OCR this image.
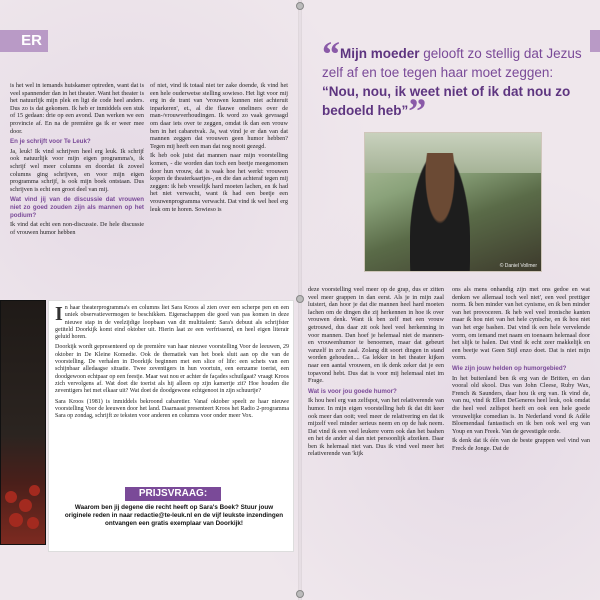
ER

is het wel in iemands huiskamer optreden, want dat is veel spannender dan in het theater. Want het theater is het natuurlijk mijn plek en ligt de code heel anders. Dus zo is dat gekomen. Ik heb er inmiddels een stuk of 15 gedaan: drie op een avond. Dan werken we een provincie af. En na de première ga ik er weer mee door.

En je schrijft voor Te Leuk?

Ja, leuk! Ik vind schrijven heel erg leuk. Ik schrijf ook natuurlijk voor mijn eigen programma's, ik schrijf wel meer columns en doordat ik zoveel columns ging schrijven, en voor mijn eigen programma schrijf, is ook mijn boek ontstaan. Dus schrijven is echt een groot deel van mij.

Wat vind jij van de discussie dat vrouwen niet zo goed zouden zijn als mannen op het podium?

Ik vind dat echt een non-discussie. De hele discussie of vrouwen humor hebben

of niet, vind ik totaal niet ter zake doende, ik vind het een hele ouderwetse stelling sowieso. Het ligt voor mij erg in de trant van 'vrouwen kunnen niet achteruit inparkeren', et., al die flauwe oneliners over de man-/vrouwverhoudingen. Ik word zo vaak gevraagd om daar iets over te zeggen, omdat ik dan een vrouw ben in het cabaretvak. Ja, wat vind je er dan van dat mannen zeggen dat vrouwen geen humor hebben? Tegen mij heeft een man dat nog nooit gezegd.

Ik heb ook juist dat mannen naar mijn voorstelling komen, - die worden dan toch een beetje meegenomen door hun vrouw, dat is vaak hoe het werkt: vrouwen kopen de theaterkaartjes-, en die dan achteraf tegen mij zeggen: ik heb vreselijk hard moeten lachen, en ik had het niet verwacht, want ik had een beetje een vrouwenprogramma verwacht. Dat vind ik wel heel erg leuk om te horen. Sowieso is

“Mijn moeder gelooft zo stellig dat Jezus zelf af en toe tegen haar moet zeggen: “Nou, nou, ik weet niet of ik dat nou zo bedoeld heb””
© Daniel Vollmer

deze voorstelling veel meer op de grap, dus er zitten veel meer grappen in dan eerst. Als je in mijn zaal luistert, dan hoor je dat die mannen heel hard moeten lachen om de dingen die zij herkennen in hoe ik over vrouwen denk. Want ik ben zelf met een vrouw getrouwd, dus daar zit ook heel veel herkenning in voor mannen. Dan hoef je helemaal niet de mannen- en vrouwenhumor te benoemen, maar dat gebeurt vanzelf in zo'n zaal. Zolang dit soort dingen in stand worden gehouden.... Ga lekker in het theater kijken naar een aantal vrouwen, en ik denk zeker dat je een topavond hebt. Dus dat is voor mij helemaal niet im Frage.

Wat is voor jou goede humor?

Ik hou heel erg van zelfspot, van het relativerende van humor. In mijn eigen voorstelling heb ik dat dit keer ook meer dan ooit; veel meer de relativering en dat ik mijzelf veel minder serieus neem en op de hak neem. Dat vind ik een veel leukere vorm ook dan het bashen en het de ander al dan niet persoonlijk afzeiken. Daar ben ik helemaal niet van. Dus ik vind veel meer het relativerende van 'kijk

ons als mens onhandig zijn met ons gedoe en wat denken we allemaal toch wel niet', een veel prettiger norm. Ik ben minder van het cynisme, en ik ben minder van het provoceren. Ik heb wel veel ironische kanten maar ik hou niet van het hele cynische, en ik hou niet van het erge bashen. Dat vind ik een hele vervelende vorm, om iemand met naam en toenaam helemaal door het slijk te halen. Dat vind ik echt zeer makkelijk en een beetje wat Geen Stijl enzo doet. Dat is niet mijn vorm.

Wie zijn jouw helden op humorgebied?

In het buitenland ben ik erg van de Britten, en dan vooral old skool. Dus van John Cleese, Ruby Wax, French & Saunders, daar hou ik erg van. Ik vind de, van nu, vind ik Ellen DeGeneres heel leuk, ook omdat die heel veel zelfspot heeft en ook een hele goede vrouwelijke comedian is. In Nederland vond ik Adèle Bloemendaal fantastisch en ik ben ook wel erg van Youp en van Freek. Van de gevestigde orde.

Ik denk dat ik één van de beste grappen wel vind van Freck de Jonge. Dat de

In haar theaterprogramma's en columns liet Sara Kroos al zien over een scherpe pen en een uniek observatievermogen te beschikken. Eigenschappen die goed van pas komen in deze nieuwe stap in de veelzijdige loopbaan van dit multitalent: Sara's debuut als schrijfster getiteld Doorkijk komt eind oktober uit. Hierin laat ze een verfrissend, en heel eigen literair geluid horen.

Doorkijk wordt gepresenteerd op de première van haar nieuwe voorstelling Voor de leeuwen, 29 oktober in De Kleine Komedie. Ook de thematiek van het boek sluit aan op die van de voorstelling. De verhalen in Doorkijk beginnen met een slice of life: een schets van een schijnbaar alledaagse situatie. Twee zeventigers in hun voortuin, een eenzame toerist, een doodgewoon echtpaar op een feestje. Maar wat nou er achter de façades schuilgaat? vraagt Kroos zich vervolgens af. Wat doet die toerist als hij alleen op zijn kamertje zit? Hoe houden die zeventigers het met elkaar uit? Wat doet de doodgewone echtgenoot in zijn schuurtje?

Sara Kroos (1981) is inmiddels bekroond cabaretier. Vanaf oktober speelt ze haar nieuwe voorstelling Voor de leeuwen door het land. Daarnaast presenteert Kroos het Radio 2-programma Sara op zondag, schrijft ze teksten voor anderen en columns voor onder meer Vox.

PRIJSVRAAG:
Waarom ben jij degene die recht heeft op Sara's Boek? Stuur jouw originele reden in naar redactie@te-leuk.nl en de vijf leukste inzendingen ontvangen een gratis exemplaar van Doorkijk!
